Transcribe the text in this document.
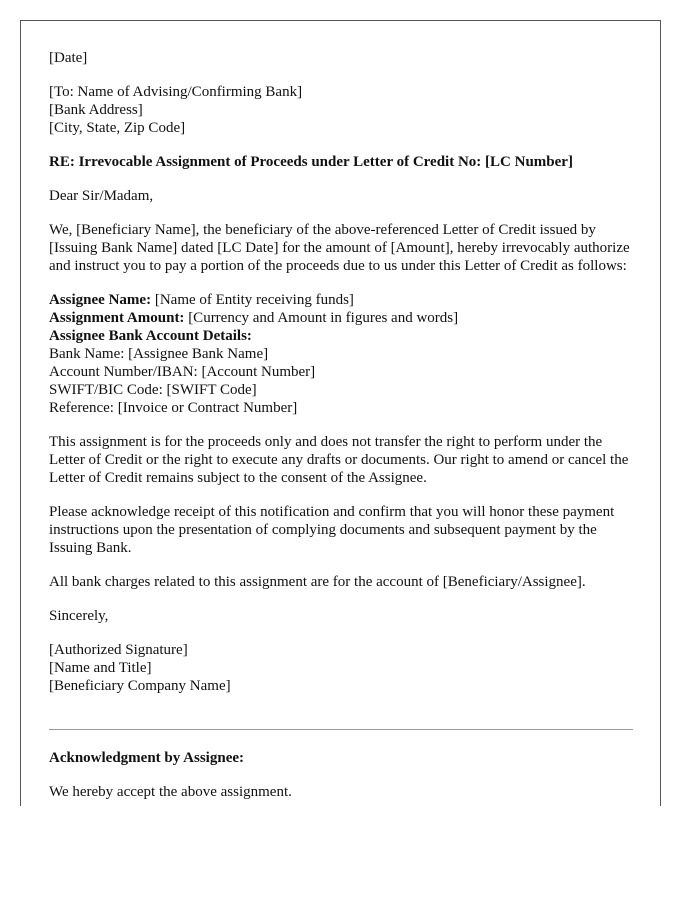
[Date]
[To: Name of Advising/Confirming Bank]
[Bank Address]
[City, State, Zip Code]
RE: Irrevocable Assignment of Proceeds under Letter of Credit No: [LC Number]
Dear Sir/Madam,

We, [Beneficiary Name], the beneficiary of the above-referenced Letter of Credit issued by [Issuing Bank Name] dated [LC Date] for the amount of [Amount], hereby irrevocably authorize and instruct you to pay a portion of the proceeds due to us under this Letter of Credit as follows:

Assignee Name: [Name of Entity receiving funds]
Assignment Amount: [Currency and Amount in figures and words]
Assignee Bank Account Details:
Bank Name: [Assignee Bank Name]
Account Number/IBAN: [Account Number]
SWIFT/BIC Code: [SWIFT Code]
Reference: [Invoice or Contract Number]

This assignment is for the proceeds only and does not transfer the right to perform under the Letter of Credit or the right to execute any drafts or documents. Our right to amend or cancel the Letter of Credit remains subject to the consent of the Assignee.

Please acknowledge receipt of this notification and confirm that you will honor these payment instructions upon the presentation of complying documents and subsequent payment by the Issuing Bank.

All bank charges related to this assignment are for the account of [Beneficiary/Assignee].

Sincerely,
[Authorized Signature]
[Name and Title]
[Beneficiary Company Name]
Acknowledgment by Assignee:
We hereby accept the above assignment.
